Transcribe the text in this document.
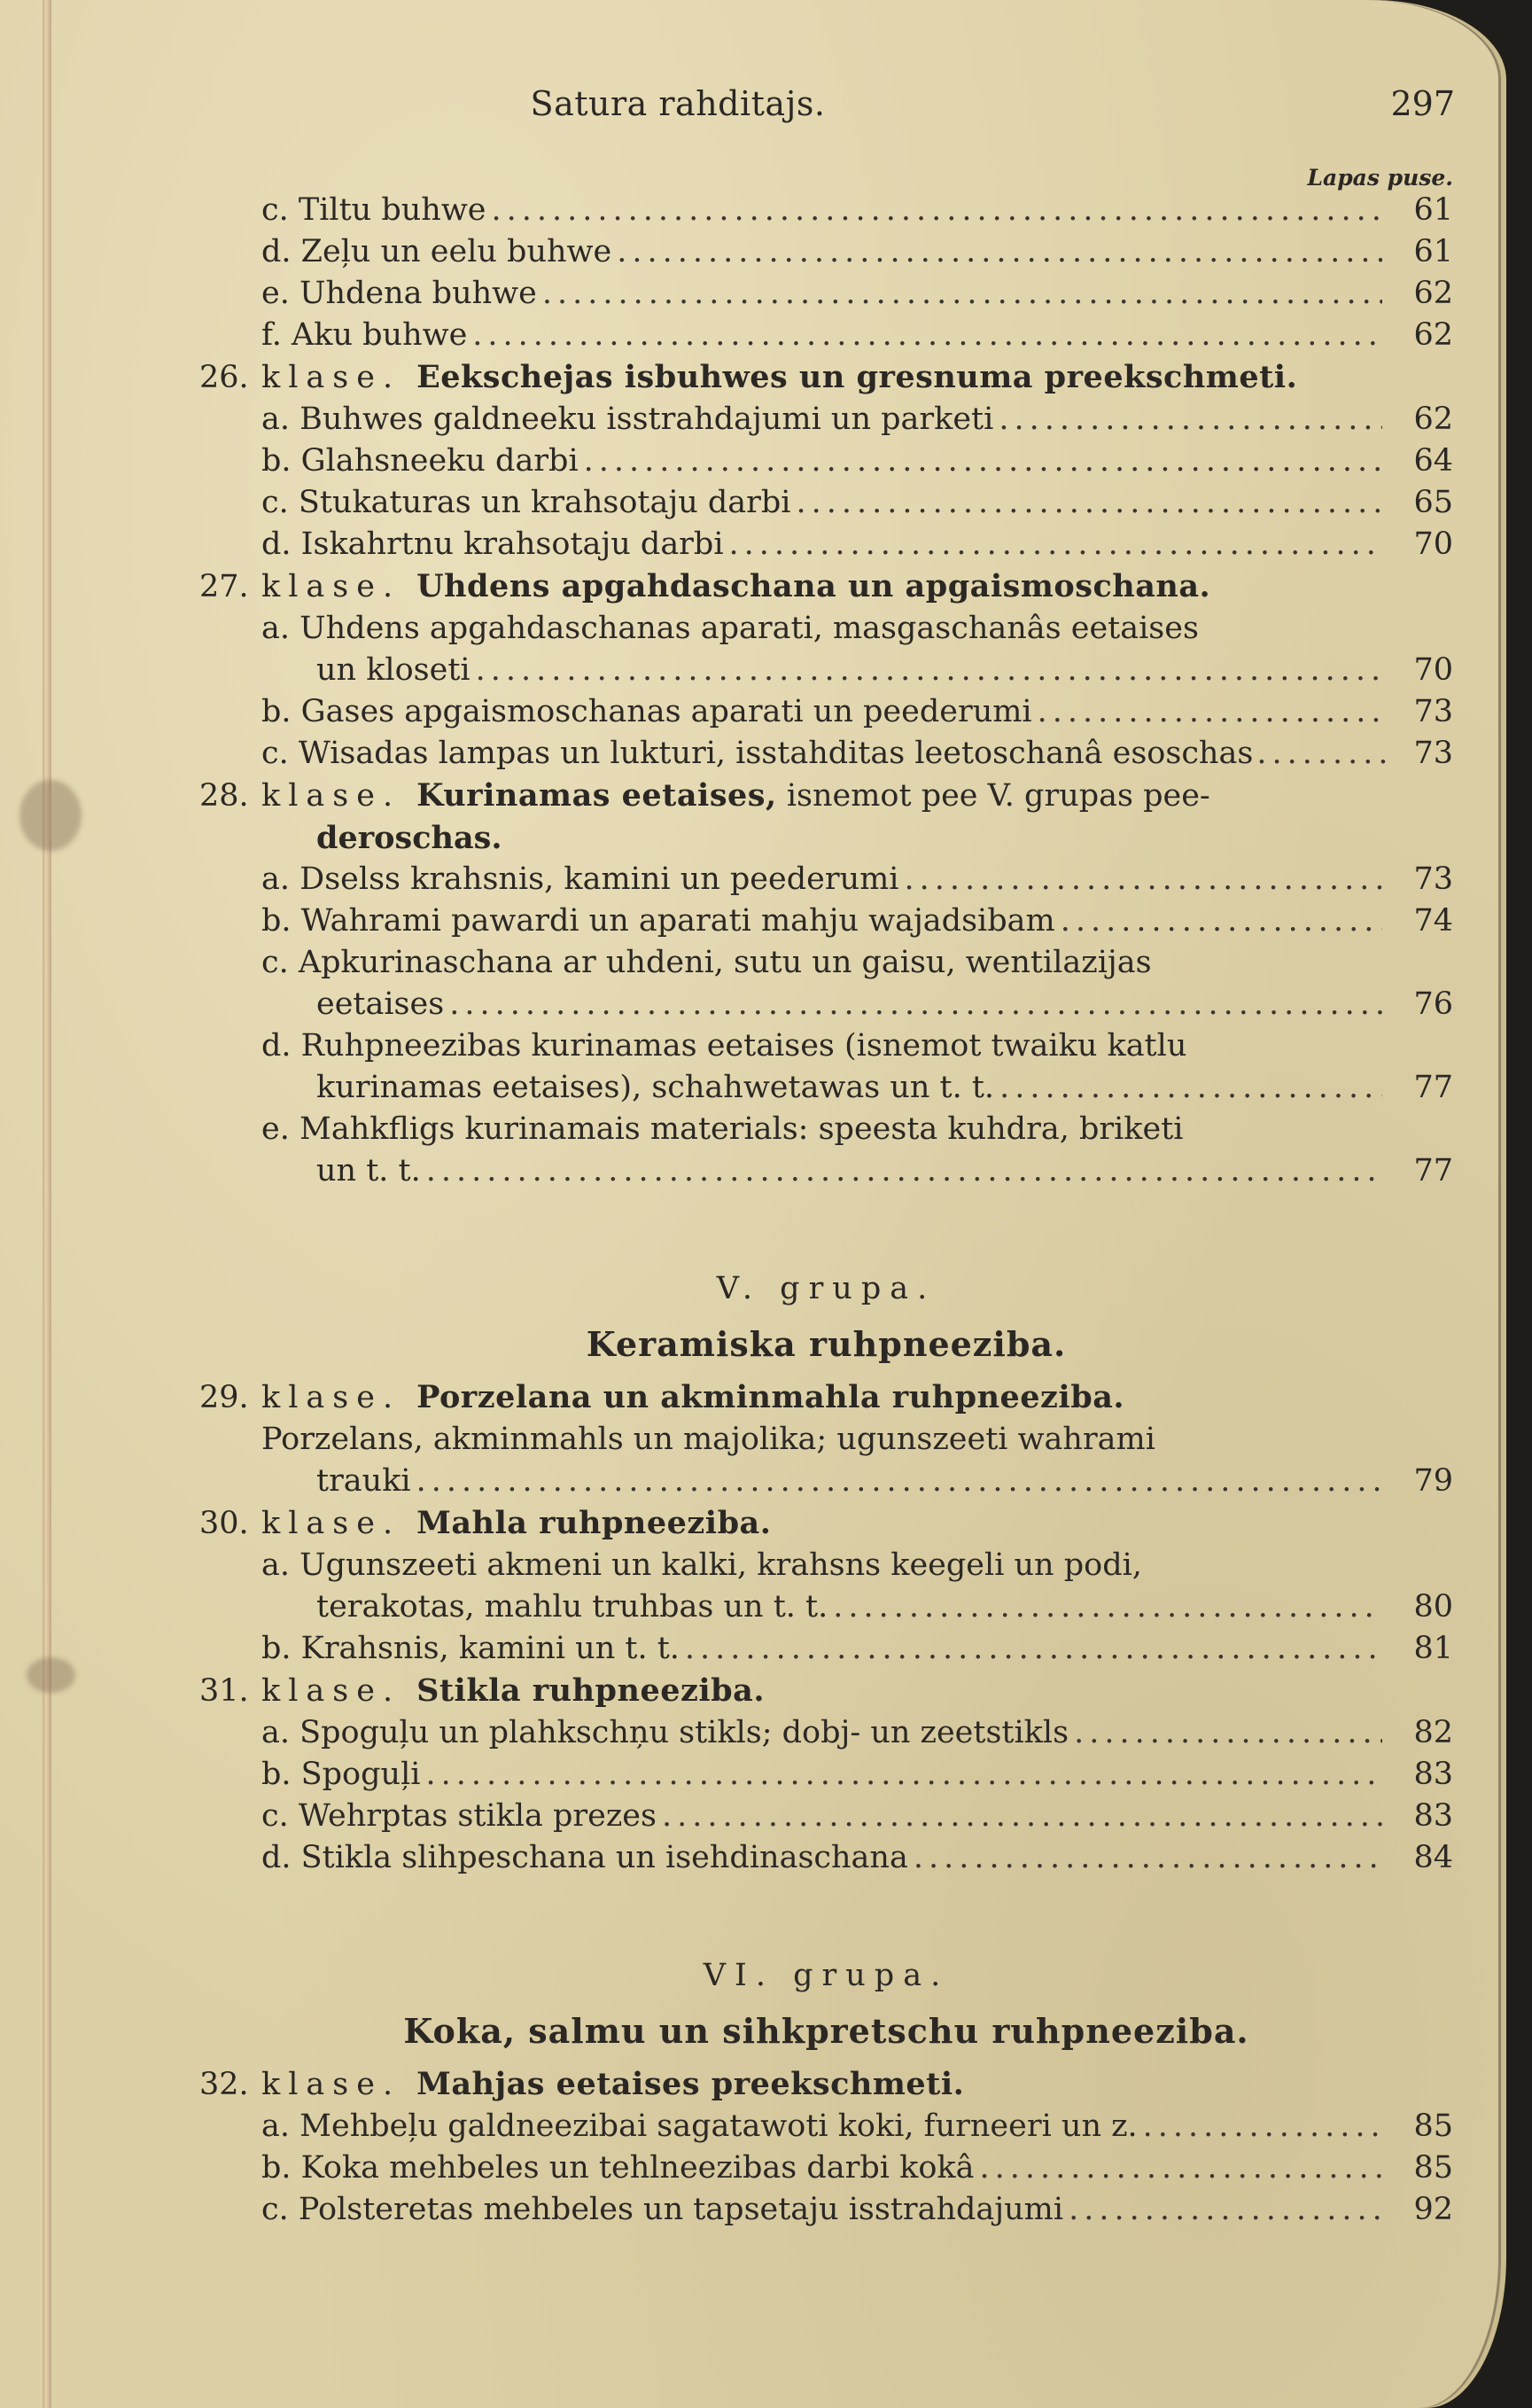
Satura rahditajs.	297
Lapas puse.
c. Tiltu buhwe .....	61
d. Zeļu un eelu buhwe .....	61
e. Uhdena buhwe .....	62
f. Aku buhwe .....	62
26. klase. Eekschejas isbuhwes un gresnuma preekschmeti.
a. Buhwes galdneeku isstrahdajumi un parketi .....	62
b. Glahsneeku darbi .....	64
c. Stukaturas un krahsotaju darbi .....	65
d. Iskahrtnu krahsotaju darbi .....	70
27. klase. Uhdens apgahdaschana un apgaismoschana.
a. Uhdens apgahdaschanas aparati, masgaschanâs eetaises
un kloseti .....	70
b. Gases apgaismoschanas aparati un peederumi .....	73
c. Wisadas lampas un lukturi, isstahditas leetoschanâ esoschas .....	73
28. klase. Kurinamas eetaises,
isnemot pee V. grupas pee-
deroschas.
a. Dselss krahsnis, kamini un peederumi .....	73
b. Wahrami pawardi un aparati mahju wajadsibam .....	74
c. Apkurinaschana ar uhdeni, sutu un gaisu, wentilazijas
eetaises .....	76
d. Ruhpneezibas kurinamas eetaises (isnemot twaiku katlu
kurinamas eetaises), schahwetawas un t. t. .....	77
e. Mahkfligs kurinamais materials: speesta kuhdra, briketi
un t. t. .....	77
V. grupa.
Keramiska ruhpneeziba.
29. klase. Porzelana un akminmahla ruhpneeziba.
Porzelans, akminmahls un majolika; ugunszeeti wahrami
trauki .....	79
30. klase. Mahla ruhpneeziba.
a. Ugunszeeti akmeni un kalki, krahsns keegeli un podi,
terakotas, mahlu truhbas un t. t. .....	80
b. Krahsnis, kamini un t. t. .....	81
31. klase. Stikla ruhpneeziba.
a. Spoguļu un plahkschņu stikls; dobj- un zeetstikls .....	82
b. Spoguļi .....	83
c. Wehrptas stikla prezes .....	83
d. Stikla slihpeschana un isehdinaschana .....	84
VI. grupa.
Koka, salmu un sihkpretschu ruhpneeziba.
32. klase. Mahjas eetaises preekschmeti.
a. Mehbeļu galdneezibai sagatawoti koki, furneeri un z. .....	85
b. Koka mehbeles un tehlneezibas darbi kokâ .....	85
c. Polsteretas mehbeles un tapsetaju isstrahdajumi .....	92
